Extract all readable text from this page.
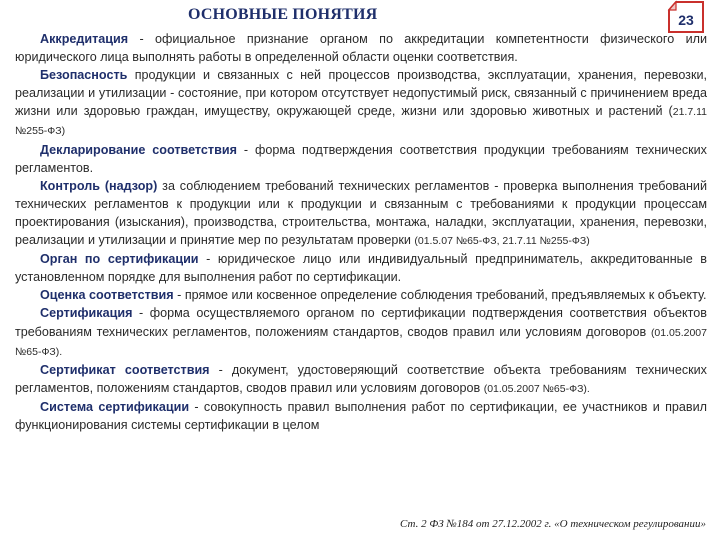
ОСНОВНЫЕ ПОНЯТИЯ	23

Аккредитация - официальное признание органом по аккредитации компетентности физического или юридического лица выполнять работы в определенной области оценки соответствия.

Безопасность продукции и связанных с ней процессов производства, эксплуатации, хранения, перевозки, реализации и утилизации - состояние, при котором отсутствует недопустимый риск, связанный с причинением вреда жизни или здоровью граждан, имуществу, окружающей среде, жизни или здоровью животных и растений (21.7.11 №255-ФЗ)

Декларирование соответствия - форма подтверждения соответствия продукции требованиям технических регламентов.

Контроль (надзор) за соблюдением требований технических регламентов - проверка выполнения требований технических регламентов к продукции или к продукции и связанным с требованиями к продукции процессам проектирования (изыскания), производства, строительства, монтажа, наладки, эксплуатации, хранения, перевозки, реализации и утилизации и принятие мер по результатам проверки (01.5.07 №65-ФЗ, 21.7.11 №255-ФЗ)

Орган по сертификации - юридическое лицо или индивидуальный предприниматель, аккредитованные в установленном порядке для выполнения работ по сертификации.

Оценка соответствия - прямое или косвенное определение соблюдения требований, предъявляемых к объекту.

Сертификация - форма осуществляемого органом по сертификации подтверждения соответствия объектов требованиям технических регламентов, положениям стандартов, сводов правил или условиям договоров (01.05.2007 №65-ФЗ).

Сертификат соответствия - документ, удостоверяющий соответствие объекта требованиям технических регламентов, положениям стандартов, сводов правил или условиям договоров (01.05.2007 №65-ФЗ).

Система сертификации - совокупность правил выполнения работ по сертификации, ее участников и правил функционирования системы сертификации в целом

Ст. 2 ФЗ №184 от 27.12.2002 г. «О техническом регулировании»
